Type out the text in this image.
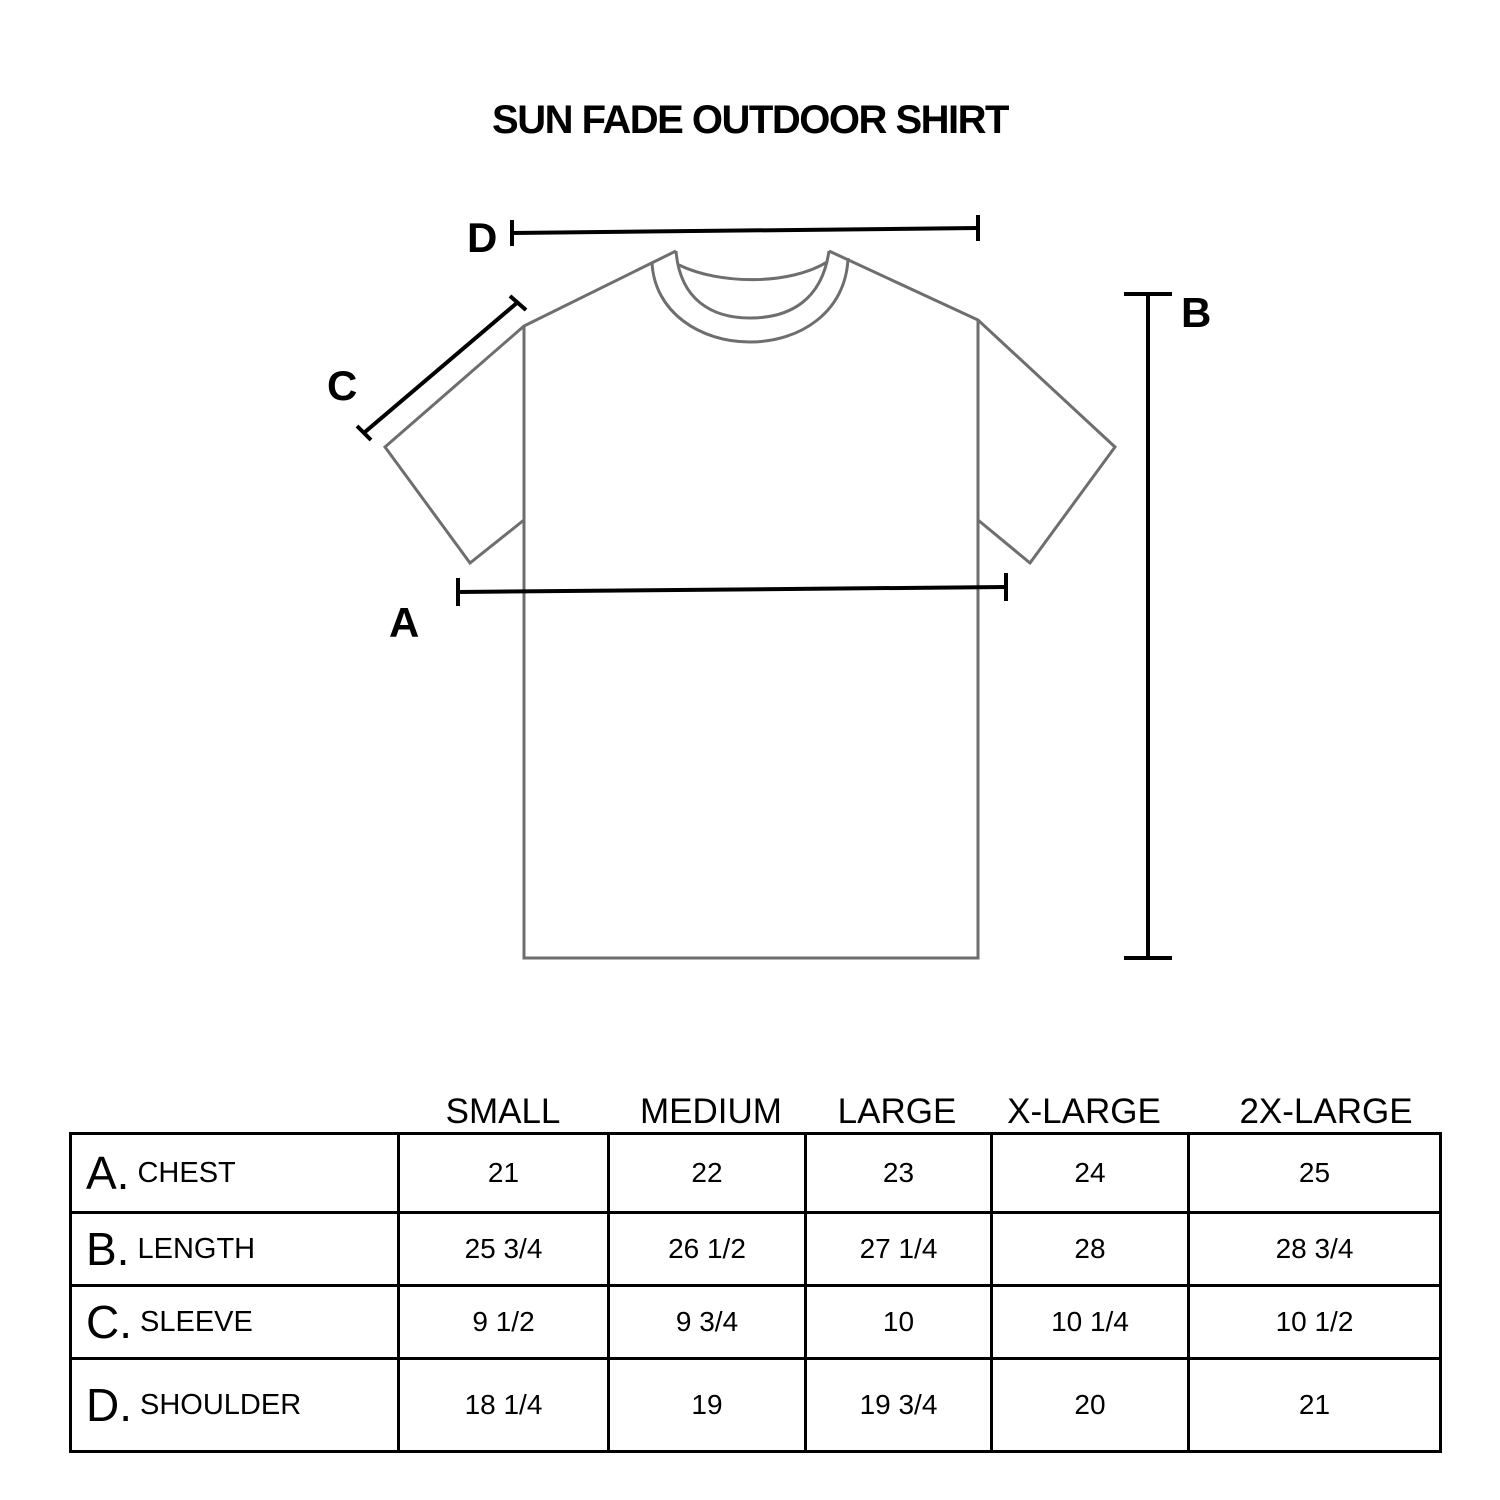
SUN FADE OUTDOOR SHIRT
D
C
A
B
SMALL	MEDIUM	LARGE	X-LARGE	2X-LARGE
A. CHEST	21	22	23	24	25
B. LENGTH	25 3/4	26 1/2	27 1/4	28	28 3/4
C. SLEEVE	9 1/2	9 3/4	10	10 1/4	10 1/2
D. SHOULDER	18 1/4	19	19 3/4	20	21
